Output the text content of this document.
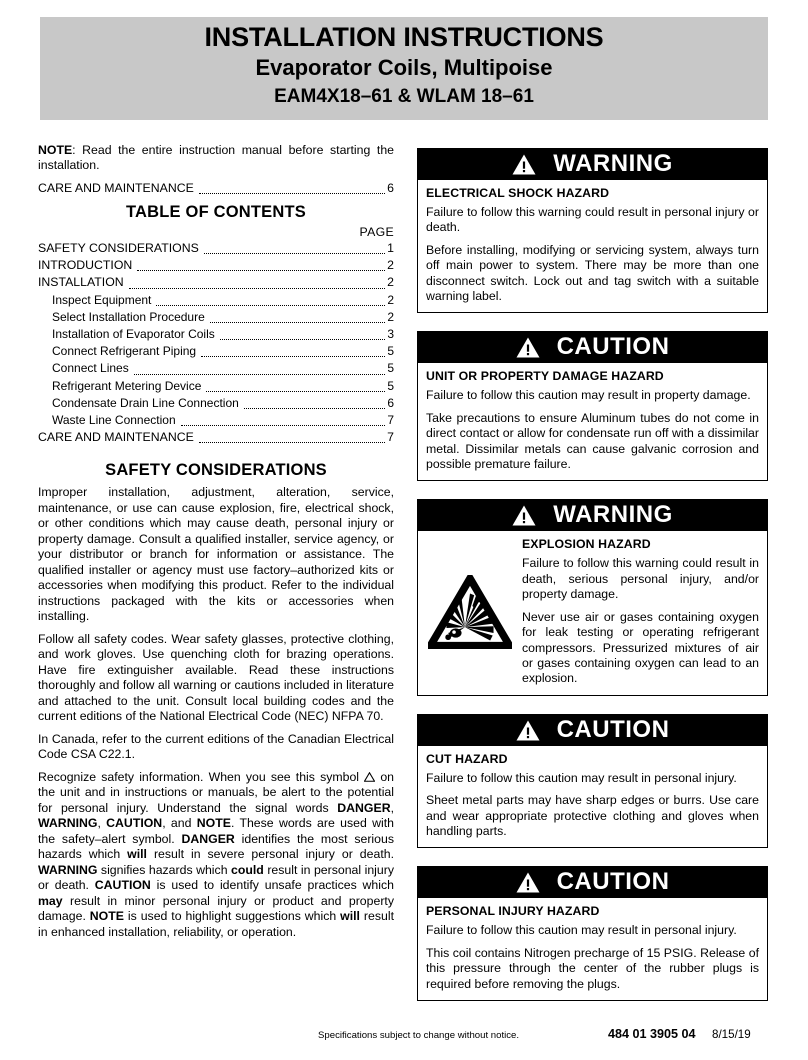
INSTALLATION INSTRUCTIONS
Evaporator Coils, Multipoise
EAM4X18–61 & WLAM 18–61

NOTE: Read the entire instruction manual before starting the installation.

CARE AND MAINTENANCE	6
TABLE OF CONTENTS
PAGE
SAFETY CONSIDERATIONS	1
INTRODUCTION	2
INSTALLATION	2
Inspect Equipment	2
Select Installation Procedure	2
Installation of Evaporator Coils	3
Connect Refrigerant Piping	5
Connect Lines	5
Refrigerant Metering Device	5
Condensate Drain Line Connection	6
Waste Line Connection	7
CARE AND MAINTENANCE	7
SAFETY CONSIDERATIONS

Improper installation, adjustment, alteration, service, maintenance, or use can cause explosion, fire, electrical shock, or other conditions which may cause death, personal injury or property damage. Consult a qualified installer, service agency, or your distributor or branch for information or assistance. The qualified installer or agency must use factory–authorized kits or accessories when modifying this product. Refer to the individual instructions packaged with the kits or accessories when installing.

Follow all safety codes. Wear safety glasses, protective clothing, and work gloves. Use quenching cloth for brazing operations. Have fire extinguisher available. Read these instructions thoroughly and follow all warning or cautions included in literature and attached to the unit. Consult local building codes and the current editions of the National Electrical Code (NEC) NFPA 70.

In Canada, refer to the current editions of the Canadian Electrical Code CSA C22.1.

Recognize safety information. When you see this symbol  on the unit and in instructions or manuals, be alert to the potential for personal injury. Understand the signal words DANGER, WARNING, CAUTION, and NOTE. These words are used with the safety–alert symbol. DANGER identifies the most serious hazards which will result in severe personal injury or death. WARNING signifies hazards which could result in personal injury or death. CAUTION is used to identify unsafe practices which may result in minor personal injury or product and property damage. NOTE is used to highlight suggestions which will result in enhanced installation, reliability, or operation.

WARNING
ELECTRICAL SHOCK HAZARD

Failure to follow this warning could result in personal injury or death.

Before installing, modifying or servicing system, always turn off main power to system. There may be more than one disconnect switch. Lock out and tag switch with a suitable warning label.

CAUTION
UNIT OR PROPERTY DAMAGE HAZARD

Failure to follow this caution may result in property damage.

Take precautions to ensure Aluminum tubes do not come in direct contact or allow for condensate run off with a dissimilar metal. Dissimilar metals can cause galvanic corrosion and possible premature failure.

WARNING
EXPLOSION HAZARD

Failure to follow this warning could result in death, serious personal injury, and/or property damage.

Never use air or gases containing oxygen for leak testing or operating refrigerant compressors. Pressurized mixtures of air or gases containing oxygen can lead to an explosion.

CAUTION
CUT HAZARD

Failure to follow this caution may result in personal injury.

Sheet metal parts may have sharp edges or burrs. Use care and wear appropriate protective clothing and gloves when handling parts.

CAUTION
PERSONAL INJURY HAZARD

Failure to follow this caution may result in personal injury.

This coil contains Nitrogen precharge of 15 PSIG. Release of this pressure through the center of the rubber plugs is required before removing the plugs.

Specifications subject to change without notice.	484 01 3905 04 8/15/19
